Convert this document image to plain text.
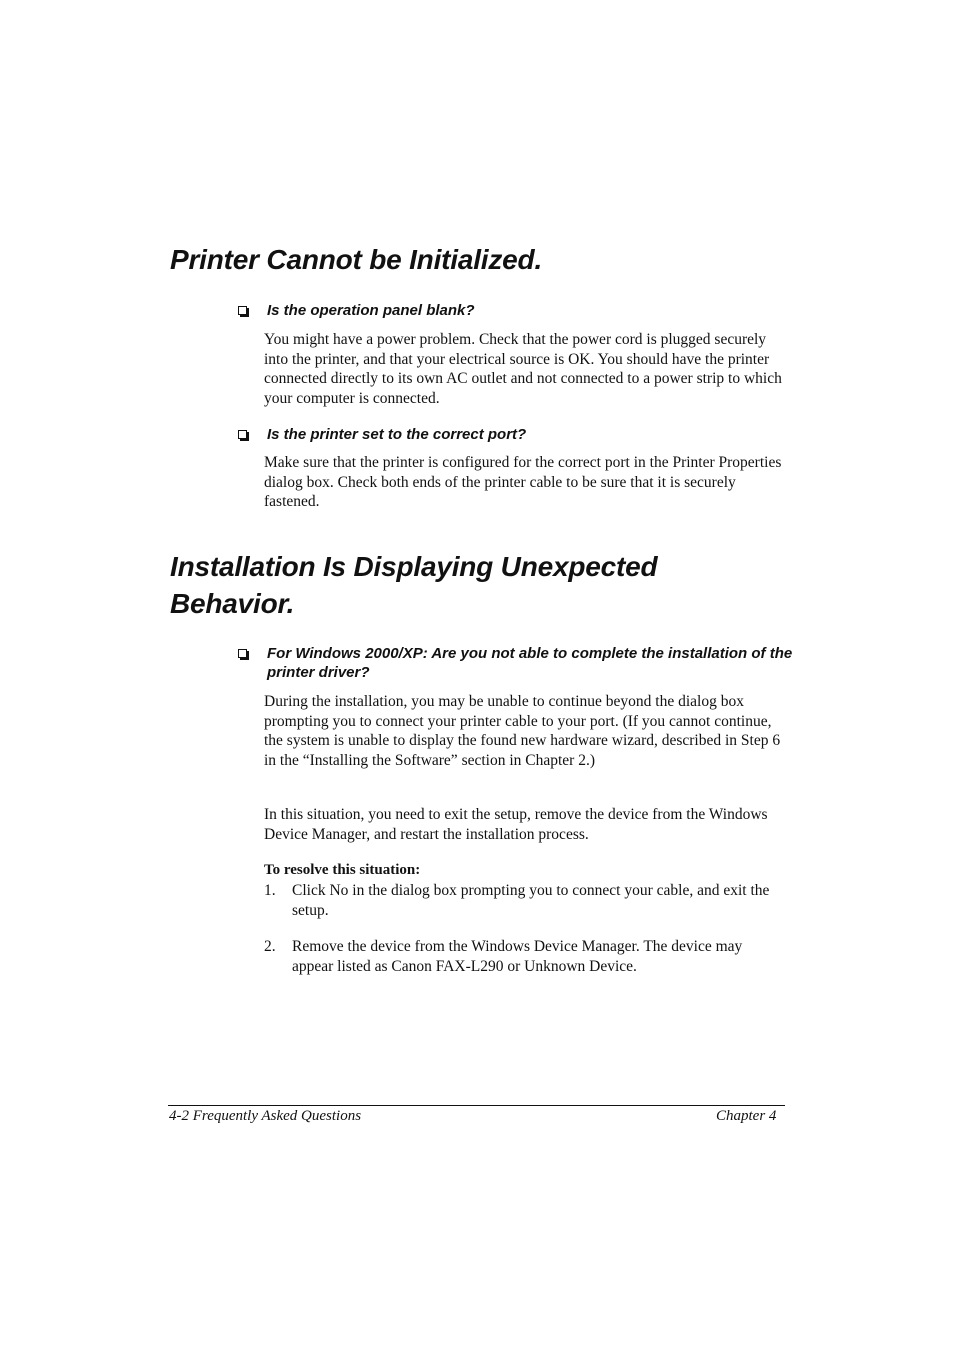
Printer Cannot be Initialized.
Is the operation panel blank?

You might have a power problem. Check that the power cord is plugged securely into the printer, and that your electrical source is OK. You should have the printer connected directly to its own AC outlet and not connected to a power strip to which your computer is connected.

Is the printer set to the correct port?

Make sure that the printer is configured for the correct port in the Printer Properties dialog box. Check both ends of the printer cable to be sure that it is securely fastened.

Installation Is Displaying Unexpected
Behavior.
For Windows 2000/XP: Are you not able to complete the installation of the printer driver?

During the installation, you may be unable to continue beyond the dialog box prompting you to connect your printer cable to your port. (If you cannot continue, the system is unable to display the found new hardware wizard, described in Step 6 in the “Installing the Software” section in Chapter 2.)

In this situation, you need to exit the setup, remove the device from the Windows Device Manager, and restart the installation process.

To resolve this situation:
1. Click No in the dialog box prompting you to connect your cable, and exit the setup.
2. Remove the device from the Windows Device Manager. The device may appear listed as Canon FAX-L290 or Unknown Device.
4-2 Frequently Asked Questions	Chapter 4
